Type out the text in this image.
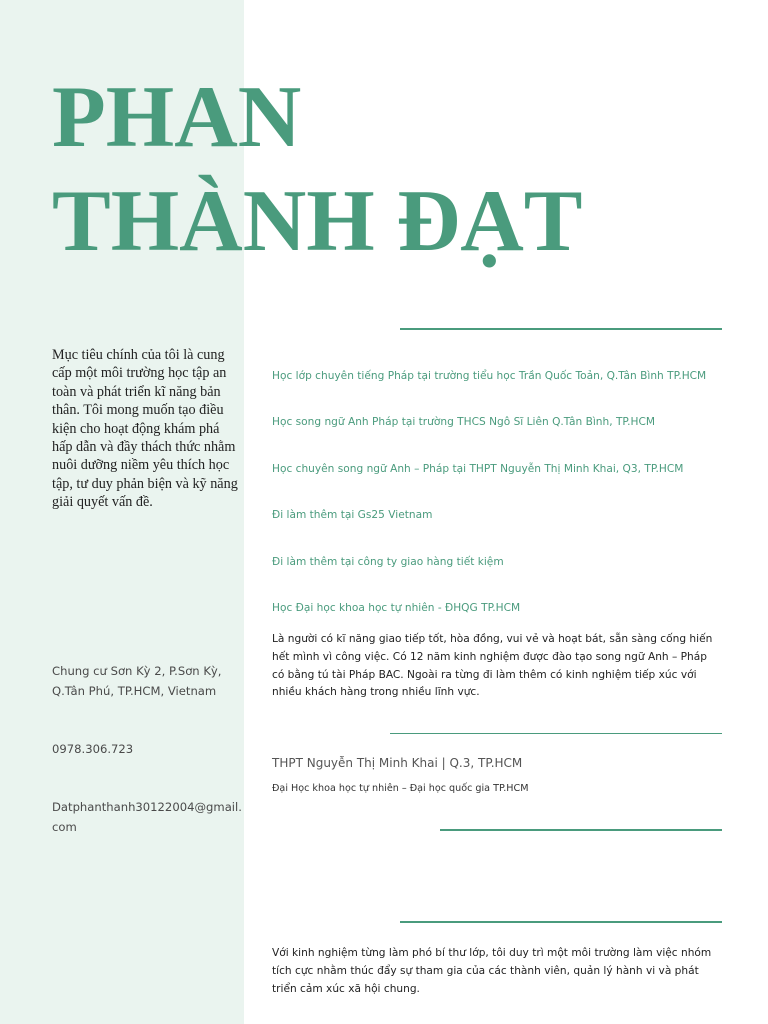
PHAN
THÀNH ĐẠT

Mục tiêu chính của tôi là cung cấp một môi trường học tập an toàn và phát triển kĩ năng bản thân. Tôi mong muốn tạo điều kiện cho hoạt động khám phá hấp dẫn và đầy thách thức nhằm nuôi dưỡng niềm yêu thích học tập, tư duy phản biện và kỹ năng giải quyết vấn đề.

Chung cư Sơn Kỳ 2, P.Sơn Kỳ, Q.Tân Phú, TP.HCM, Vietnam

0978.306.723

Datphanthanh30122004@gmail.com

Học lớp chuyên tiếng Pháp tại trường tiểu học Trần Quốc Toản, Q.Tân Bình TP.HCM

Học song ngữ Anh Pháp tại trường THCS Ngô Sĩ Liên Q.Tân Bình, TP.HCM

Học chuyên song ngữ Anh – Pháp tại THPT Nguyễn Thị Minh Khai, Q3, TP.HCM

Đi làm thêm tại Gs25 Vietnam

Đi làm thêm tại công ty giao hàng tiết kiệm

Học Đại học khoa học tự nhiên - ĐHQG TP.HCM

Là người có kĩ năng giao tiếp tốt, hòa đồng, vui vẻ và hoạt bát, sẵn sàng cống hiến hết mình vì công việc. Có 12 năm kinh nghiệm được đào tạo song ngữ Anh – Pháp có bằng tú tài Pháp BAC. Ngoài ra từng đi làm thêm có kinh nghiệm tiếp xúc với nhiều khách hàng trong nhiều lĩnh vực.

THPT Nguyễn Thị Minh Khai | Q.3, TP.HCM

Đại Học khoa học tự nhiên – Đại học quốc gia TP.HCM

Với kinh nghiệm từng làm phó bí thư lớp, tôi duy trì một môi trường làm việc nhóm tích cực nhằm thúc đẩy sự tham gia của các thành viên, quản lý hành vi và phát triển cảm xúc xã hội chung.
